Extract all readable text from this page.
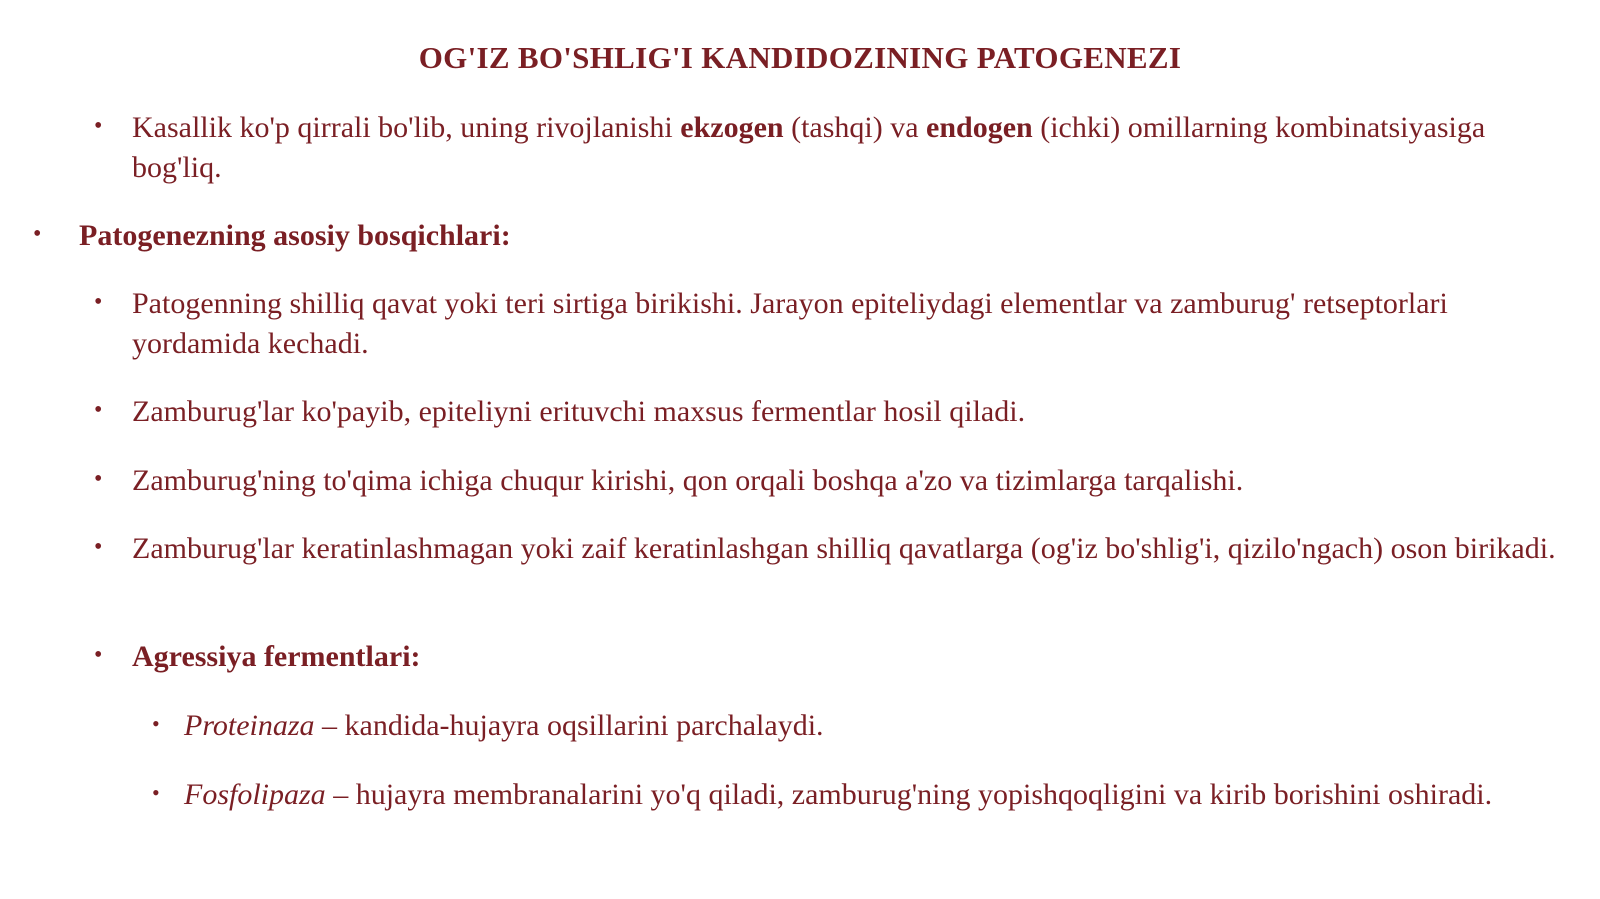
OG'IZ BO'SHLIG'I KANDIDOZINING PATOGENEZI
• Kasallik ko'p qirrali bo'lib, uning rivojlanishi ekzogen (tashqi) va endogen (ichki) omillarning kombinatsiyasiga bog'liq.
• Patogenezning asosiy bosqichlari:
• Patogenning shilliq qavat yoki teri sirtiga birikishi. Jarayon epiteliydagi elementlar va zamburug' retseptorlari yordamida kechadi.
• Zamburug'lar ko'payib, epiteliyni erituvchi maxsus fermentlar hosil qiladi.
• Zamburug'ning to'qima ichiga chuqur kirishi, qon orqali boshqa a'zo va tizimlarga tarqalishi.
• Zamburug'lar keratinlashmagan yoki zaif keratinlashgan shilliq qavatlarga (og'iz bo'shlig'i, qizilo'ngach) oson birikadi.
• Agressiya fermentlari:
• Proteinaza – kandida-hujayra oqsillarini parchalaydi.
• Fosfolipaza – hujayra membranalarini yo'q qiladi, zamburug'ning yopishqoqligini va kirib borishini oshiradi.
